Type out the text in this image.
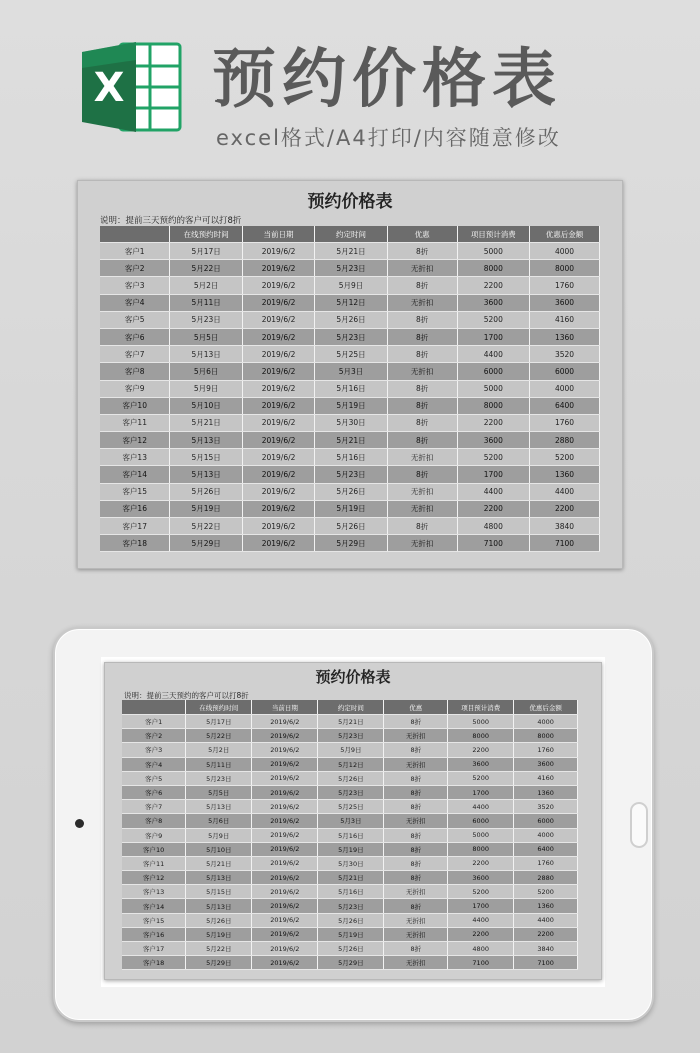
X 预约价格表
excel格式/A4打印/内容随意修改
预约价格表
说明：提前三天预约的客户可以打8折
	在线预约时间	当前日期	约定时间	优惠	项目预计消费	优惠后金额
客户1	5月17日	2019/6/2	5月21日	8折	5000	4000
客户2	5月22日	2019/6/2	5月23日	无折扣	8000	8000
客户3	5月2日	2019/6/2	5月9日	8折	2200	1760
客户4	5月11日	2019/6/2	5月12日	无折扣	3600	3600
客户5	5月23日	2019/6/2	5月26日	8折	5200	4160
客户6	5月5日	2019/6/2	5月23日	8折	1700	1360
客户7	5月13日	2019/6/2	5月25日	8折	4400	3520
客户8	5月6日	2019/6/2	5月3日	无折扣	6000	6000
客户9	5月9日	2019/6/2	5月16日	8折	5000	4000
客户10	5月10日	2019/6/2	5月19日	8折	8000	6400
客户11	5月21日	2019/6/2	5月30日	8折	2200	1760
客户12	5月13日	2019/6/2	5月21日	8折	3600	2880
客户13	5月15日	2019/6/2	5月16日	无折扣	5200	5200
客户14	5月13日	2019/6/2	5月23日	8折	1700	1360
客户15	5月26日	2019/6/2	5月26日	无折扣	4400	4400
客户16	5月19日	2019/6/2	5月19日	无折扣	2200	2200
客户17	5月22日	2019/6/2	5月26日	8折	4800	3840
客户18	5月29日	2019/6/2	5月29日	无折扣	7100	7100
预约价格表
说明：提前三天预约的客户可以打8折
	在线预约时间	当前日期	约定时间	优惠	项目预计消费	优惠后金额
客户1	5月17日	2019/6/2	5月21日	8折	5000	4000
客户2	5月22日	2019/6/2	5月23日	无折扣	8000	8000
客户3	5月2日	2019/6/2	5月9日	8折	2200	1760
客户4	5月11日	2019/6/2	5月12日	无折扣	3600	3600
客户5	5月23日	2019/6/2	5月26日	8折	5200	4160
客户6	5月5日	2019/6/2	5月23日	8折	1700	1360
客户7	5月13日	2019/6/2	5月25日	8折	4400	3520
客户8	5月6日	2019/6/2	5月3日	无折扣	6000	6000
客户9	5月9日	2019/6/2	5月16日	8折	5000	4000
客户10	5月10日	2019/6/2	5月19日	8折	8000	6400
客户11	5月21日	2019/6/2	5月30日	8折	2200	1760
客户12	5月13日	2019/6/2	5月21日	8折	3600	2880
客户13	5月15日	2019/6/2	5月16日	无折扣	5200	5200
客户14	5月13日	2019/6/2	5月23日	8折	1700	1360
客户15	5月26日	2019/6/2	5月26日	无折扣	4400	4400
客户16	5月19日	2019/6/2	5月19日	无折扣	2200	2200
客户17	5月22日	2019/6/2	5月26日	8折	4800	3840
客户18	5月29日	2019/6/2	5月29日	无折扣	7100	7100
